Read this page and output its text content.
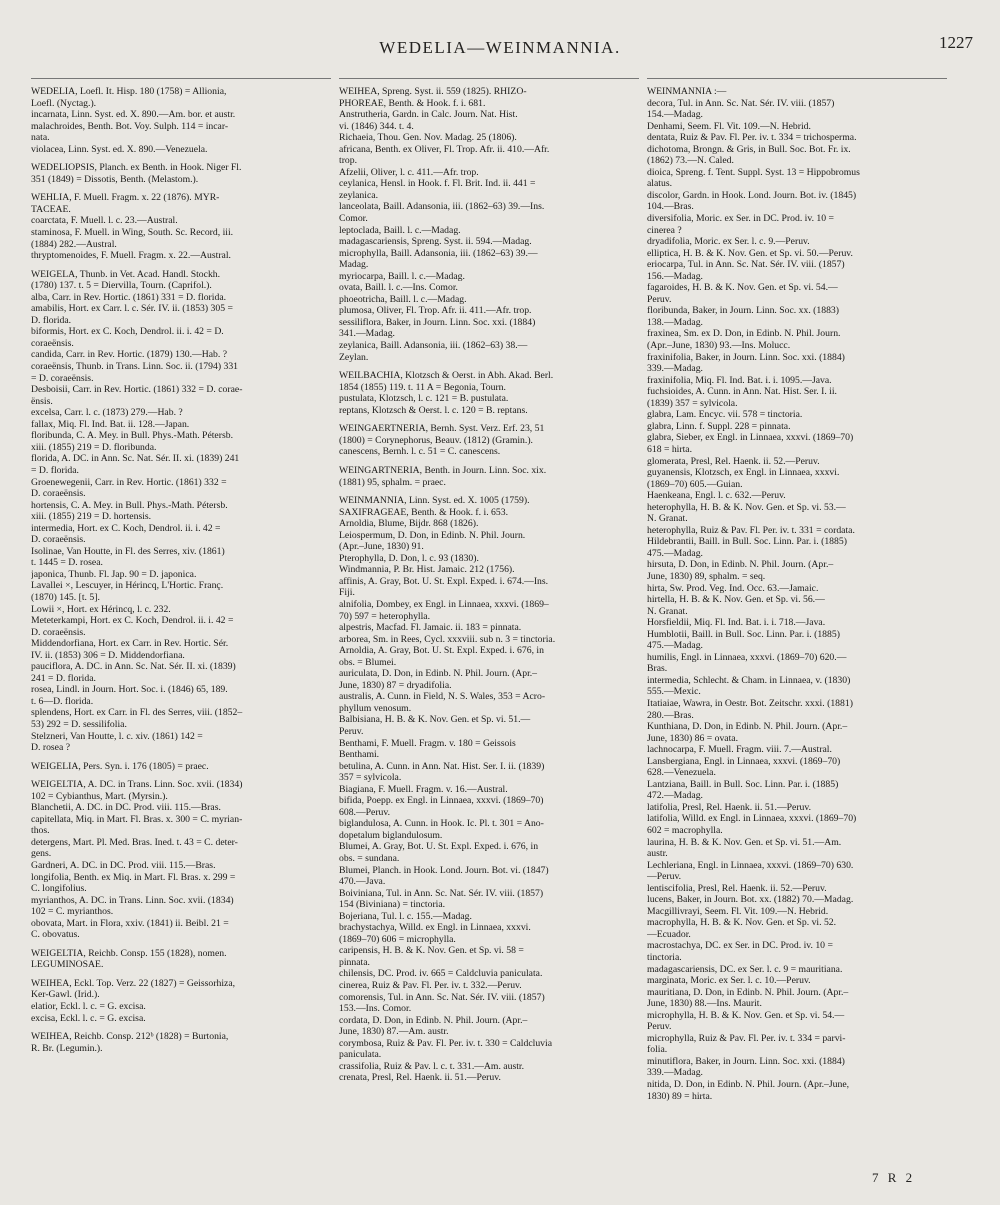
WEDELIA—WEINMANNIA.	1227
WEDELIA, Loefl. It. Hisp. 180 (1758) = Allionia,
Loefl. (Nyctag.).
incarnata, Linn. Syst. ed. X. 890.—Am. bor. et austr.
malachroides, Benth. Bot. Voy. Sulph. 114 = incar-
nata.
violacea, Linn. Syst. ed. X. 890.—Venezuela.
WEDELIOPSIS, Planch. ex Benth. in Hook. Niger Fl.
351 (1849) = Dissotis, Benth. (Melastom.).
WEHLIA, F. Muell. Fragm. x. 22 (1876). MYR-
TACEAE.
coarctata, F. Muell. l. c. 23.—Austral.
staminosa, F. Muell. in Wing, South. Sc. Record, iii.
(1884) 282.—Austral.
thryptomenoides, F. Muell. Fragm. x. 22.—Austral.
WEIGELA, Thunb. in Vet. Acad. Handl. Stockh.
(1780) 137. t. 5 = Diervilla, Tourn. (Caprifol.).
alba, Carr. in Rev. Hortic. (1861) 331 = D. florida.
amabilis, Hort. ex Carr. l. c. Sér. IV. ii. (1853) 305 =
D. florida.
biformis, Hort. ex C. Koch, Dendrol. ii. i. 42 = D.
coraeënsis.
candida, Carr. in Rev. Hortic. (1879) 130.—Hab. ?
coraeënsis, Thunb. in Trans. Linn. Soc. ii. (1794) 331
= D. coraeënsis.
Desboisii, Carr. in Rev. Hortic. (1861) 332 = D. corae-
ënsis.
excelsa, Carr. l. c. (1873) 279.—Hab. ?
fallax, Miq. Fl. Ind. Bat. ii. 128.—Japan.
floribunda, C. A. Mey. in Bull. Phys.-Math. Pétersb.
xiii. (1855) 219 = D. floribunda.
florida, A. DC. in Ann. Sc. Nat. Sér. II. xi. (1839) 241
= D. florida.
Groenewegenii, Carr. in Rev. Hortic. (1861) 332 =
D. coraeënsis.
hortensis, C. A. Mey. in Bull. Phys.-Math. Pétersb.
xiii. (1855) 219 = D. hortensis.
intermedia, Hort. ex C. Koch, Dendrol. ii. i. 42 =
D. coraeënsis.
Isolinae, Van Houtte, in Fl. des Serres, xiv. (1861)
t. 1445 = D. rosea.
japonica, Thunb. Fl. Jap. 90 = D. japonica.
Lavallei ×, Lescuyer, in Hérincq, L'Hortic. Franç.
(1870) 145. [t. 5].
Lowii ×, Hort. ex Hérincq, l. c. 232.
Meteterkampi, Hort. ex C. Koch, Dendrol. ii. i. 42 =
D. coraeënsis.
Middendorfiana, Hort. ex Carr. in Rev. Hortic. Sér.
IV. ii. (1853) 306 = D. Middendorfiana.
pauciflora, A. DC. in Ann. Sc. Nat. Sér. II. xi. (1839)
241 = D. florida.
rosea, Lindl. in Journ. Hort. Soc. i. (1846) 65, 189.
t. 6—D. florida.
splendens, Hort. ex Carr. in Fl. des Serres, viii. (1852–
53) 292 = D. sessilifolia.
Stelzneri, Van Houtte, l. c. xiv. (1861) 142 =
D. rosea ?
WEIGELIA, Pers. Syn. i. 176 (1805) = praec.
WEIGELTIA, A. DC. in Trans. Linn. Soc. xvii. (1834)
102 = Cybianthus, Mart. (Myrsin.).
Blanchetii, A. DC. in DC. Prod. viii. 115.—Bras.
capitellata, Miq. in Mart. Fl. Bras. x. 300 = C. myrian-
thos.
detergens, Mart. Pl. Med. Bras. Ined. t. 43 = C. deter-
gens.
Gardneri, A. DC. in DC. Prod. viii. 115.—Bras.
longifolia, Benth. ex Miq. in Mart. Fl. Bras. x. 299 =
C. longifolius.
myrianthos, A. DC. in Trans. Linn. Soc. xvii. (1834)
102 = C. myrianthos.
obovata, Mart. in Flora, xxiv. (1841) ii. Beibl. 21 =
C. obovatus.
WEIGELTIA, Reichb. Consp. 155 (1828), nomen.
LEGUMINOSAE.
WEIHEA, Eckl. Top. Verz. 22 (1827) = Geissorhiza,
Ker-Gawl. (Irid.).
elatior, Eckl. l. c. = G. excisa.
excisa, Eckl. l. c. = G. excisa.
WEIHEA, Reichb. Consp. 212ᵇ (1828) = Burtonia,
R. Br. (Legumin.).
WEIHEA, Spreng. Syst. ii. 559 (1825). RHIZO-
PHOREAE, Benth. & Hook. f. i. 681.
Anstrutheria, Gardn. in Calc. Journ. Nat. Hist.
vi. (1846) 344. t. 4.
Richaeia, Thou. Gen. Nov. Madag. 25 (1806).
africana, Benth. ex Oliver, Fl. Trop. Afr. ii. 410.—Afr.
trop.
Afzelii, Oliver, l. c. 411.—Afr. trop.
ceylanica, Hensl. in Hook. f. Fl. Brit. Ind. ii. 441 =
zeylanica.
lanceolata, Baill. Adansonia, iii. (1862–63) 39.—Ins.
Comor.
leptoclada, Baill. l. c.—Madag.
madagascariensis, Spreng. Syst. ii. 594.—Madag.
microphylla, Baill. Adansonia, iii. (1862–63) 39.—
Madag.
myriocarpa, Baill. l. c.—Madag.
ovata, Baill. l. c.—Ins. Comor.
phoeotricha, Baill. l. c.—Madag.
plumosa, Oliver, Fl. Trop. Afr. ii. 411.—Afr. trop.
sessiliflora, Baker, in Journ. Linn. Soc. xxi. (1884)
341.—Madag.
zeylanica, Baill. Adansonia, iii. (1862–63) 38.—
Zeylan.
WEILBACHIA, Klotzsch & Oerst. in Abh. Akad. Berl.
1854 (1855) 119. t. 11 A = Begonia, Tourn.
pustulata, Klotzsch, l. c. 121 = B. pustulata.
reptans, Klotzsch & Oerst. l. c. 120 = B. reptans.
WEINGAERTNERIA, Bernh. Syst. Verz. Erf. 23, 51
(1800) = Corynephorus, Beauv. (1812) (Gramin.).
canescens, Bernh. l. c. 51 = C. canescens.
WEINGARTNERIA, Benth. in Journ. Linn. Soc. xix.
(1881) 95, sphalm. = praec.
WEINMANNIA, Linn. Syst. ed. X. 1005 (1759).
SAXIFRAGEAE, Benth. & Hook. f. i. 653.
Arnoldia, Blume, Bijdr. 868 (1826).
Leiospermum, D. Don, in Edinb. N. Phil. Journ.
(Apr.–June, 1830) 91.
Pterophylla, D. Don, l. c. 93 (1830).
Windmannia, P. Br. Hist. Jamaic. 212 (1756).
affinis, A. Gray, Bot. U. St. Expl. Exped. i. 674.—Ins.
Fiji.
alnifolia, Dombey, ex Engl. in Linnaea, xxxvi. (1869–
70) 597 = heterophylla.
alpestris, Macfad. Fl. Jamaic. ii. 183 = pinnata.
arborea, Sm. in Rees, Cycl. xxxviii. sub n. 3 = tinctoria.
Arnoldia, A. Gray, Bot. U. St. Expl. Exped. i. 676, in
obs. = Blumei.
auriculata, D. Don, in Edinb. N. Phil. Journ. (Apr.–
June, 1830) 87 = dryadifolia.
australis, A. Cunn. in Field, N. S. Wales, 353 = Acro-
phyllum venosum.
Balbisiana, H. B. & K. Nov. Gen. et Sp. vi. 51.—
Peruv.
Benthami, F. Muell. Fragm. v. 180 = Geissois
Benthami.
betulina, A. Cunn. in Ann. Nat. Hist. Ser. I. ii. (1839)
357 = sylvicola.
Biagiana, F. Muell. Fragm. v. 16.—Austral.
bifida, Poepp. ex Engl. in Linnaea, xxxvi. (1869–70)
608.—Peruv.
biglandulosa, A. Cunn. in Hook. Ic. Pl. t. 301 = Ano-
dopetalum biglandulosum.
Blumei, A. Gray, Bot. U. St. Expl. Exped. i. 676, in
obs. = sundana.
Blumei, Planch. in Hook. Lond. Journ. Bot. vi. (1847)
470.—Java.
Boiviniana, Tul. in Ann. Sc. Nat. Sér. IV. viii. (1857)
154 (Biviniana) = tinctoria.
Bojeriana, Tul. l. c. 155.—Madag.
brachystachya, Willd. ex Engl. in Linnaea, xxxvi.
(1869–70) 606 = microphylla.
caripensis, H. B. & K. Nov. Gen. et Sp. vi. 58 =
pinnata.
chilensis, DC. Prod. iv. 665 = Caldcluvia paniculata.
cinerea, Ruiz & Pav. Fl. Per. iv. t. 332.—Peruv.
comorensis, Tul. in Ann. Sc. Nat. Sér. IV. viii. (1857)
153.—Ins. Comor.
cordata, D. Don, in Edinb. N. Phil. Journ. (Apr.–
June, 1830) 87.—Am. austr.
corymbosa, Ruiz & Pav. Fl. Per. iv. t. 330 = Caldcluvia
paniculata.
crassifolia, Ruiz & Pav. l. c. t. 331.—Am. austr.
crenata, Presl, Rel. Haenk. ii. 51.—Peruv.
WEINMANNIA :—
decora, Tul. in Ann. Sc. Nat. Sér. IV. viii. (1857)
154.—Madag.
Denhami, Seem. Fl. Vit. 109.—N. Hebrid.
dentata, Ruiz & Pav. Fl. Per. iv. t. 334 = trichosperma.
dichotoma, Brongn. & Gris, in Bull. Soc. Bot. Fr. ix.
(1862) 73.—N. Caled.
dioica, Spreng. f. Tent. Suppl. Syst. 13 = Hippobromus
alatus.
discolor, Gardn. in Hook. Lond. Journ. Bot. iv. (1845)
104.—Bras.
diversifolia, Moric. ex Ser. in DC. Prod. iv. 10 =
cinerea ?
dryadifolia, Moric. ex Ser. l. c. 9.—Peruv.
elliptica, H. B. & K. Nov. Gen. et Sp. vi. 50.—Peruv.
eriocarpa, Tul. in Ann. Sc. Nat. Sér. IV. viii. (1857)
156.—Madag.
fagaroides, H. B. & K. Nov. Gen. et Sp. vi. 54.—
Peruv.
floribunda, Baker, in Journ. Linn. Soc. xx. (1883)
138.—Madag.
fraxinea, Sm. ex D. Don, in Edinb. N. Phil. Journ.
(Apr.–June, 1830) 93.—Ins. Molucc.
fraxinifolia, Baker, in Journ. Linn. Soc. xxi. (1884)
339.—Madag.
fraxinifolia, Miq. Fl. Ind. Bat. i. i. 1095.—Java.
fuchsioides, A. Cunn. in Ann. Nat. Hist. Ser. I. ii.
(1839) 357 = sylvicola.
glabra, Lam. Encyc. vii. 578 = tinctoria.
glabra, Linn. f. Suppl. 228 = pinnata.
glabra, Sieber, ex Engl. in Linnaea, xxxvi. (1869–70)
618 = hirta.
glomerata, Presl, Rel. Haenk. ii. 52.—Peruv.
guyanensis, Klotzsch, ex Engl. in Linnaea, xxxvi.
(1869–70) 605.—Guian.
Haenkeana, Engl. l. c. 632.—Peruv.
heterophylla, H. B. & K. Nov. Gen. et Sp. vi. 53.—
N. Granat.
heterophylla, Ruiz & Pav. Fl. Per. iv. t. 331 = cordata.
Hildebrantii, Baill. in Bull. Soc. Linn. Par. i. (1885)
475.—Madag.
hirsuta, D. Don, in Edinb. N. Phil. Journ. (Apr.–
June, 1830) 89, sphalm. = seq.
hirta, Sw. Prod. Veg. Ind. Occ. 63.—Jamaic.
hirtella, H. B. & K. Nov. Gen. et Sp. vi. 56.—
N. Granat.
Horsfieldii, Miq. Fl. Ind. Bat. i. i. 718.—Java.
Humblotii, Baill. in Bull. Soc. Linn. Par. i. (1885)
475.—Madag.
humilis, Engl. in Linnaea, xxxvi. (1869–70) 620.—
Bras.
intermedia, Schlecht. & Cham. in Linnaea, v. (1830)
555.—Mexic.
Itatiaiae, Wawra, in Oestr. Bot. Zeitschr. xxxi. (1881)
280.—Bras.
Kunthiana, D. Don, in Edinb. N. Phil. Journ. (Apr.–
June, 1830) 86 = ovata.
lachnocarpa, F. Muell. Fragm. viii. 7.—Austral.
Lansbergiana, Engl. in Linnaea, xxxvi. (1869–70)
628.—Venezuela.
Lantziana, Baill. in Bull. Soc. Linn. Par. i. (1885)
472.—Madag.
latifolia, Presl, Rel. Haenk. ii. 51.—Peruv.
latifolia, Willd. ex Engl. in Linnaea, xxxvi. (1869–70)
602 = macrophylla.
laurina, H. B. & K. Nov. Gen. et Sp. vi. 51.—Am.
austr.
Lechleriana, Engl. in Linnaea, xxxvi. (1869–70) 630.
—Peruv.
lentiscifolia, Presl, Rel. Haenk. ii. 52.—Peruv.
lucens, Baker, in Journ. Bot. xx. (1882) 70.—Madag.
Macgillivrayi, Seem. Fl. Vit. 109.—N. Hebrid.
macrophylla, H. B. & K. Nov. Gen. et Sp. vi. 52.
—Ecuador.
macrostachya, DC. ex Ser. in DC. Prod. iv. 10 =
tinctoria.
madagascariensis, DC. ex Ser. l. c. 9 = mauritiana.
marginata, Moric. ex Ser. l. c. 10.—Peruv.
mauritiana, D. Don, in Edinb. N. Phil. Journ. (Apr.–
June, 1830) 88.—Ins. Maurit.
microphylla, H. B. & K. Nov. Gen. et Sp. vi. 54.—
Peruv.
microphylla, Ruiz & Pav. Fl. Per. iv. t. 334 = parvi-
folia.
minutiflora, Baker, in Journ. Linn. Soc. xxi. (1884)
339.—Madag.
nitida, D. Don, in Edinb. N. Phil. Journ. (Apr.–June,
1830) 89 = hirta.
7 R 2
